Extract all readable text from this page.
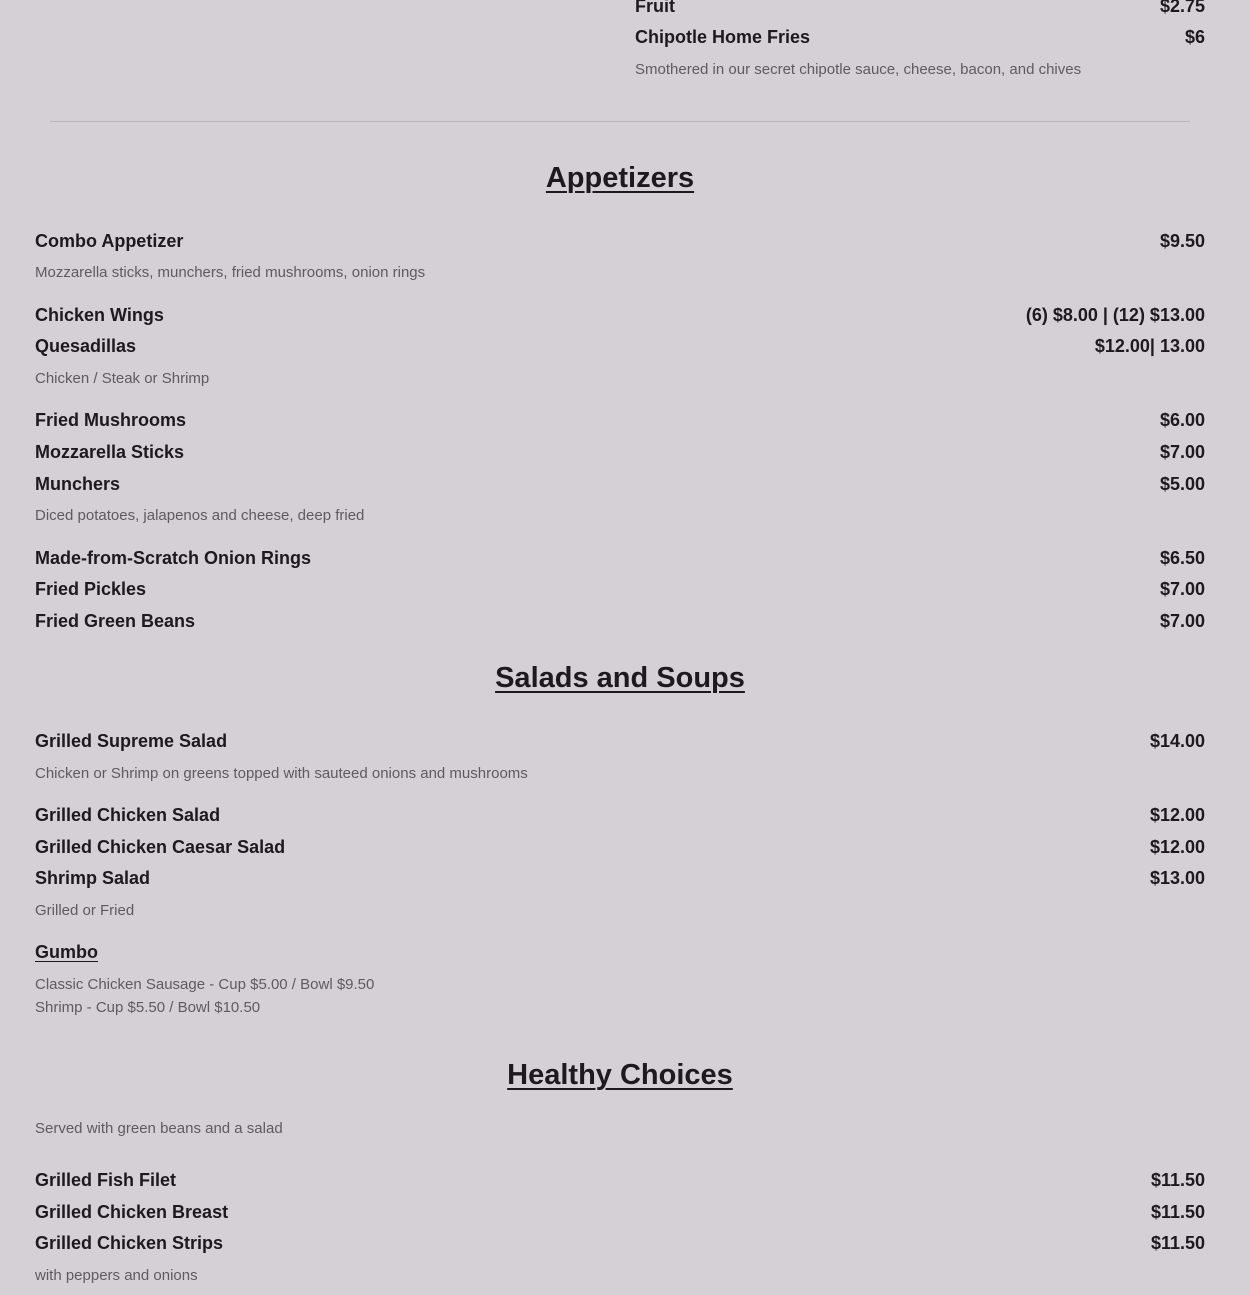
Fruit	$2.75
Chipotle Home Fries	$6
Smothered in our secret chipotle sauce, cheese, bacon, and chives
Appetizers
Combo Appetizer	$9.50
Mozzarella sticks, munchers, fried mushrooms, onion rings
Chicken Wings	(6) $8.00 | (12) $13.00
Quesadillas	$12.00| 13.00
Chicken / Steak or Shrimp
Fried Mushrooms	$6.00
Mozzarella Sticks	$7.00
Munchers	$5.00
Diced potatoes, jalapenos and cheese, deep fried
Made-from-Scratch Onion Rings	$6.50
Fried Pickles	$7.00
Fried Green Beans	$7.00
Salads and Soups
Grilled Supreme Salad	$14.00
Chicken or Shrimp on greens topped with sauteed onions and mushrooms
Grilled Chicken Salad	$12.00
Grilled Chicken Caesar Salad	$12.00
Shrimp Salad	$13.00
Grilled or Fried
Gumbo
Classic Chicken Sausage - Cup $5.00 / Bowl $9.50
Shrimp - Cup $5.50 / Bowl $10.50
Healthy Choices
Served with green beans and a salad
Grilled Fish Filet	$11.50
Grilled Chicken Breast	$11.50
Grilled Chicken Strips	$11.50
with peppers and onions
